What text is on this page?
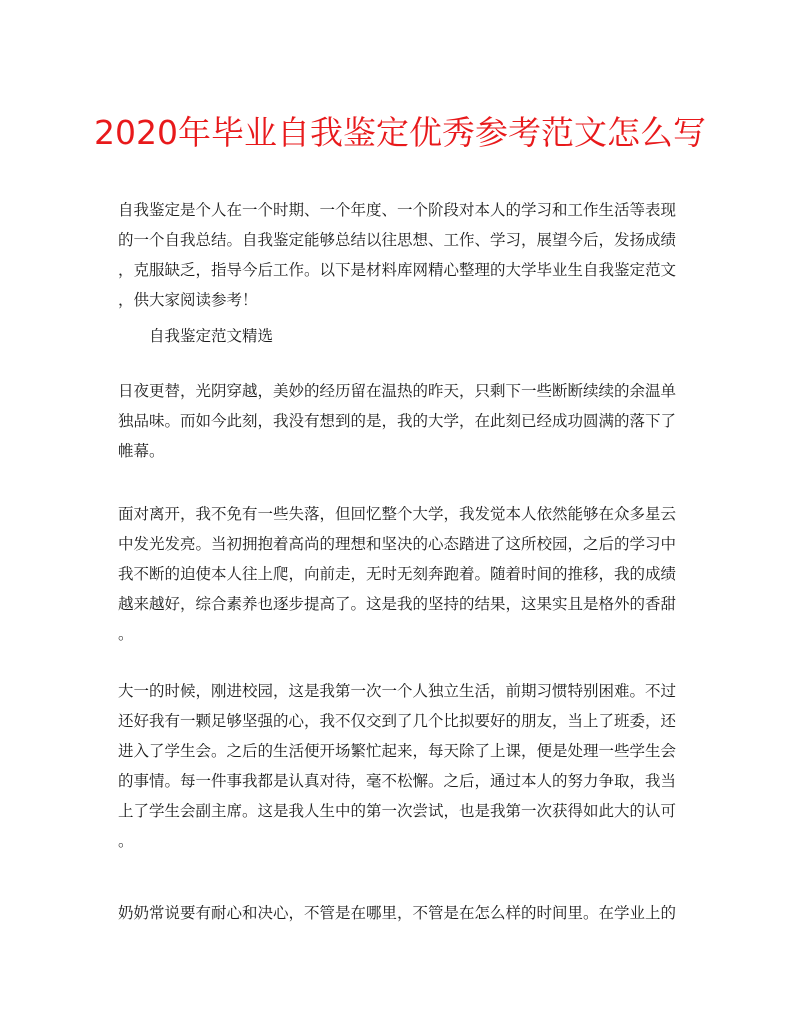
2020年毕业自我鉴定优秀参考范文怎么写
自我鉴定是个人在一个时期、一个年度、一个阶段对本人的学习和工作生活等表现
的一个自我总结。自我鉴定能够总结以往思想、工作、学习，展望今后，发扬成绩
，克服缺乏，指导今后工作。以下是材料库网精心整理的大学毕业生自我鉴定范文
，供大家阅读参考！
自我鉴定范文精选
日夜更替，光阴穿越，美妙的经历留在温热的昨天，只剩下一些断断续续的余温单
独品味。而如今此刻，我没有想到的是，我的大学，在此刻已经成功圆满的落下了
帷幕。
面对离开，我不免有一些失落，但回忆整个大学，我发觉本人依然能够在众多星云
中发光发亮。当初拥抱着高尚的理想和坚决的心态踏进了这所校园，之后的学习中
我不断的迫使本人往上爬，向前走，无时无刻奔跑着。随着时间的推移，我的成绩
越来越好，综合素养也逐步提高了。这是我的坚持的结果，这果实且是格外的香甜
。
大一的时候，刚进校园，这是我第一次一个人独立生活，前期习惯特别困难。不过
还好我有一颗足够坚强的心，我不仅交到了几个比拟要好的朋友，当上了班委，还
进入了学生会。之后的生活便开场繁忙起来，每天除了上课，便是处理一些学生会
的事情。每一件事我都是认真对待，毫不松懈。之后，通过本人的努力争取，我当
上了学生会副主席。这是我人生中的第一次尝试，也是我第一次获得如此大的认可
。
奶奶常说要有耐心和决心，不管是在哪里，不管是在怎么样的时间里。在学业上的
